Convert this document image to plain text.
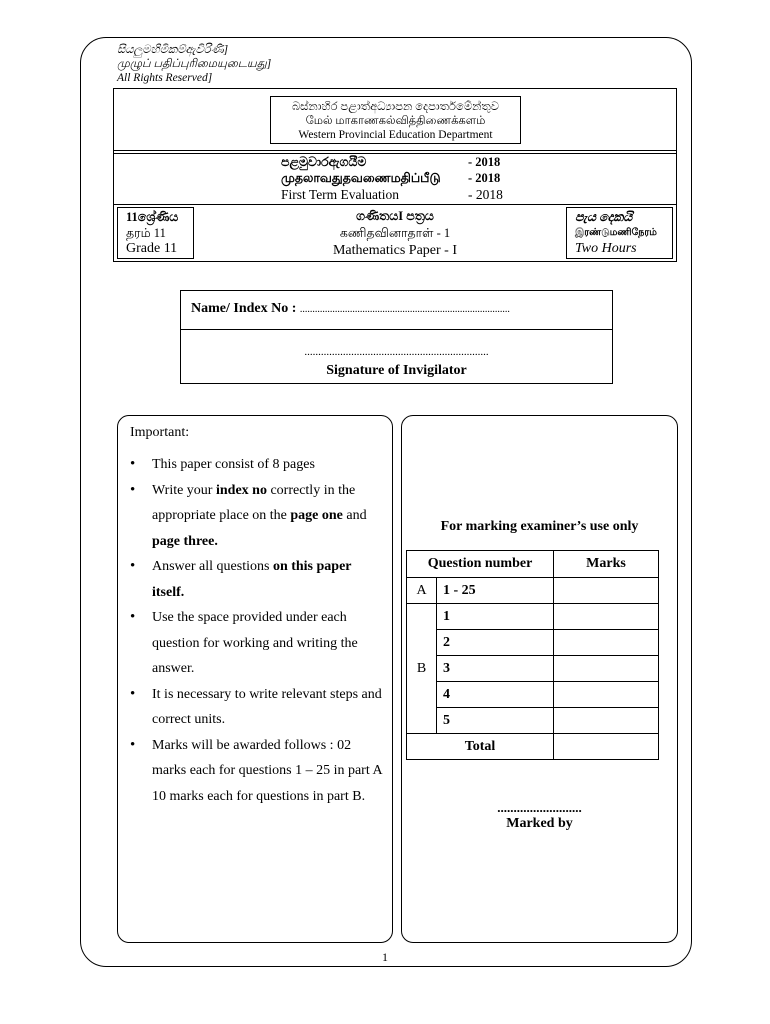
සියලුමහිමිකම්ඇවිරිණි]
முழுப் பதிப்புரிமையுடையது]
All Rights Reserved]
බස්නාහිර පළාත්අධ්‍යාපන දෙපාර්තමේන්තුව
மேல் மாகாணகல்வித்திணைக்களம்
Western Provincial Education Department
පළමුවාරඇගයීම	- 2018
முதலாவதுதவணைமதிப்பீடு - 2018
First Term Evaluation	- 2018
11ශ්‍රේණිය
தரம் 11
Grade 11
ගණිතයI පත්‍රය
கணிதவினாதாள் - 1
Mathematics Paper - I
පැය දෙකයි
இரண்டுமணிநேரம்
Two Hours
Name/ Index No : ....................................................................................
...................................................................
Signature of Invigilator
Important:
• This paper consist of 8 pages
• Write your index no correctly in the appropriate place on the page one and page three.
• Answer all questions on this paper itself.
• Use the space provided under each question for working and writing the answer.
• It is necessary to write relevant steps and correct units.
• Marks will be awarded follows : 02 marks each for questions 1 – 25 in part A 10 marks each for questions in part B.
For marking examiner’s use only
Question number		Marks
A	1 - 25	
B	1	
	2	
	3	
	4	
	5	
Total		
..........................
Marked by
1
